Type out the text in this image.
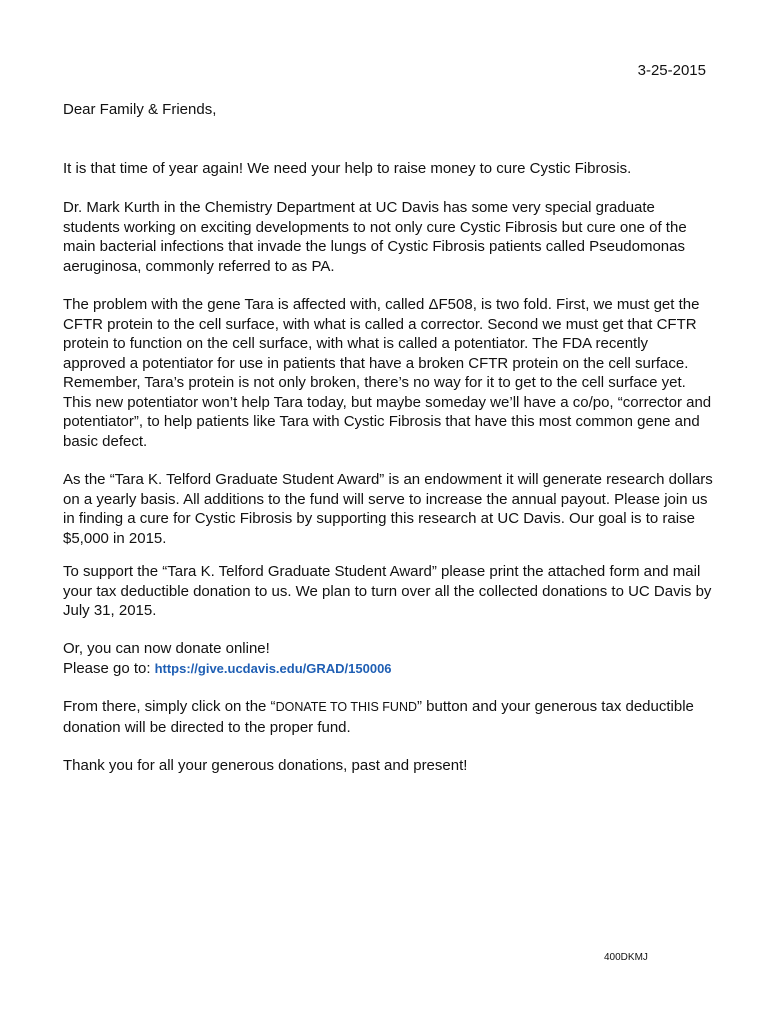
3-25-2015
Dear Family & Friends,

It is that time of year again! We need your help to raise money to cure Cystic Fibrosis.

Dr. Mark Kurth in the Chemistry Department at UC Davis has some very special graduate students working on exciting developments to not only cure Cystic Fibrosis but cure one of the main bacterial infections that invade the lungs of Cystic Fibrosis patients called Pseudomonas aeruginosa, commonly referred to as PA.

The problem with the gene Tara is affected with, called ΔF508, is two fold. First, we must get the CFTR protein to the cell surface, with what is called a corrector. Second we must get that CFTR protein to function on the cell surface, with what is called a potentiator. The FDA recently approved a potentiator for use in patients that have a broken CFTR protein on the cell surface. Remember, Tara’s protein is not only broken, there’s no way for it to get to the cell surface yet. This new potentiator won’t help Tara today, but maybe someday we’ll have a co/po, “corrector and potentiator”, to help patients like Tara with Cystic Fibrosis that have this most common gene and basic defect.

As the “Tara K. Telford Graduate Student Award” is an endowment it will generate research dollars on a yearly basis. All additions to the fund will serve to increase the annual payout. Please join us in finding a cure for Cystic Fibrosis by supporting this research at UC Davis. Our goal is to raise $5,000 in 2015.

To support the “Tara K. Telford Graduate Student Award” please print the attached form and mail your tax deductible donation to us. We plan to turn over all the collected donations to UC Davis by July 31, 2015.

Or, you can now donate online!
Please go to: https://give.ucdavis.edu/GRAD/150006

From there, simply click on the “DONATE TO THIS FUND” button and your generous tax deductible donation will be directed to the proper fund.

Thank you for all your generous donations, past and present!

400DKMJ
